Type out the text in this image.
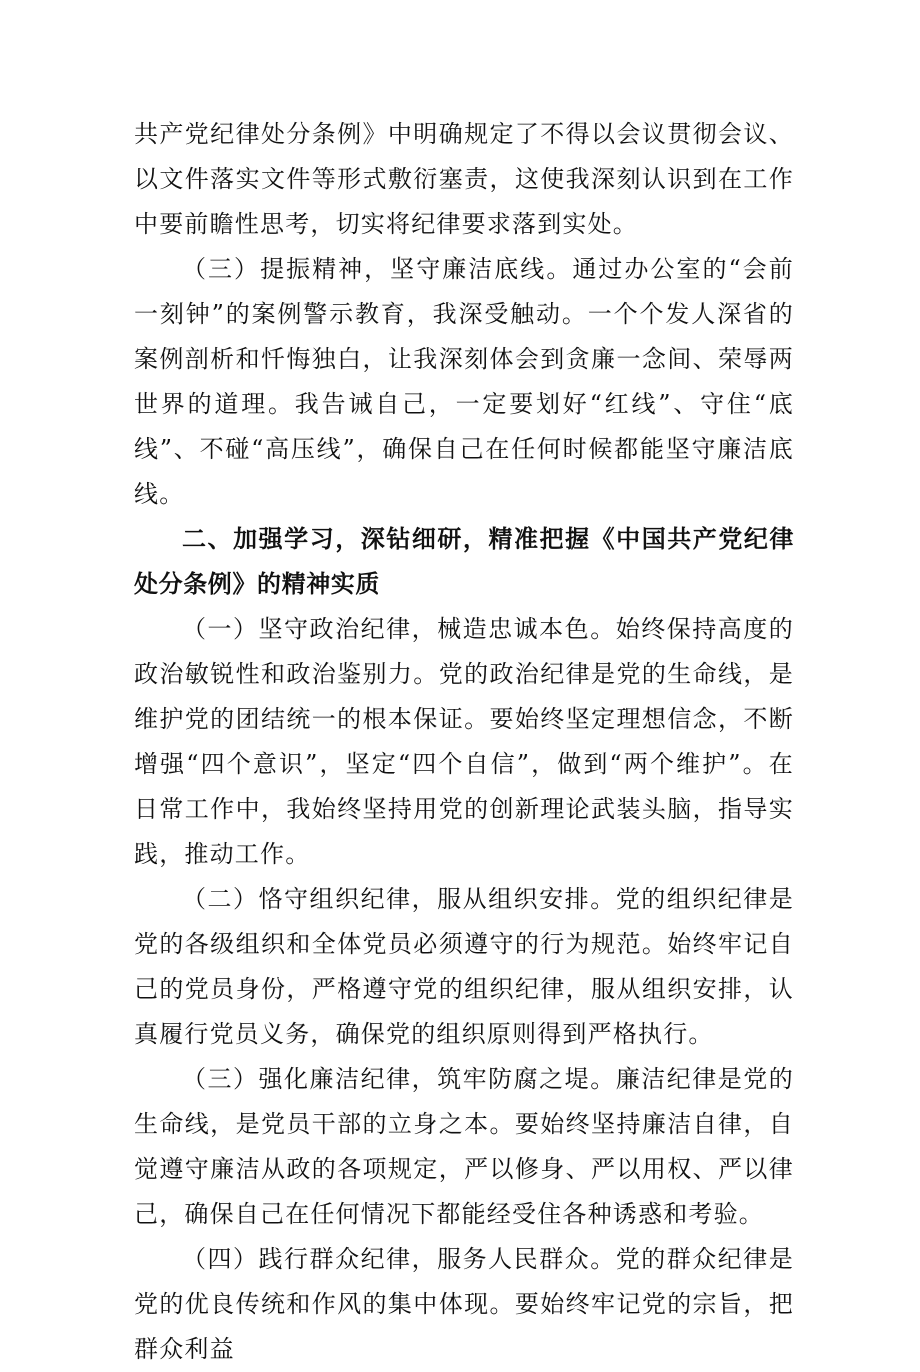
共产党纪律处分条例》中明确规定了不得以会议贯彻会议、以文件落实文件等形式敷衍塞责，这使我深刻认识到在工作中要前瞻性思考，切实将纪律要求落到实处。

（三）提振精神，坚守廉洁底线。通过办公室的“会前一刻钟”的案例警示教育，我深受触动。一个个发人深省的案例剖析和忏悔独白，让我深刻体会到贪廉一念间、荣辱两世界的道理。我告诫自己，一定要划好“红线”、守住“底线”、不碰“高压线”，确保自己在任何时候都能坚守廉洁底线。

二、加强学习，深钻细研，精准把握《中国共产党纪律处分条例》的精神实质

（一）坚守政治纪律，械造忠诚本色。始终保持高度的政治敏锐性和政治鉴别力。党的政治纪律是党的生命线，是维护党的团结统一的根本保证。要始终坚定理想信念，不断增强“四个意识”，坚定“四个自信”，做到“两个维护”。在日常工作中，我始终坚持用党的创新理论武装头脑，指导实践，推动工作。

（二）恪守组织纪律，服从组织安排。党的组织纪律是党的各级组织和全体党员必须遵守的行为规范。始终牢记自己的党员身份，严格遵守党的组织纪律，服从组织安排，认真履行党员义务，确保党的组织原则得到严格执行。

（三）强化廉洁纪律，筑牢防腐之堤。廉洁纪律是党的生命线，是党员干部的立身之本。要始终坚持廉洁自律，自觉遵守廉洁从政的各项规定，严以修身、严以用权、严以律己，确保自己在任何情况下都能经受住各种诱惑和考验。

（四）践行群众纪律，服务人民群众。党的群众纪律是党的优良传统和作风的集中体现。要始终牢记党的宗旨，把群众利益
